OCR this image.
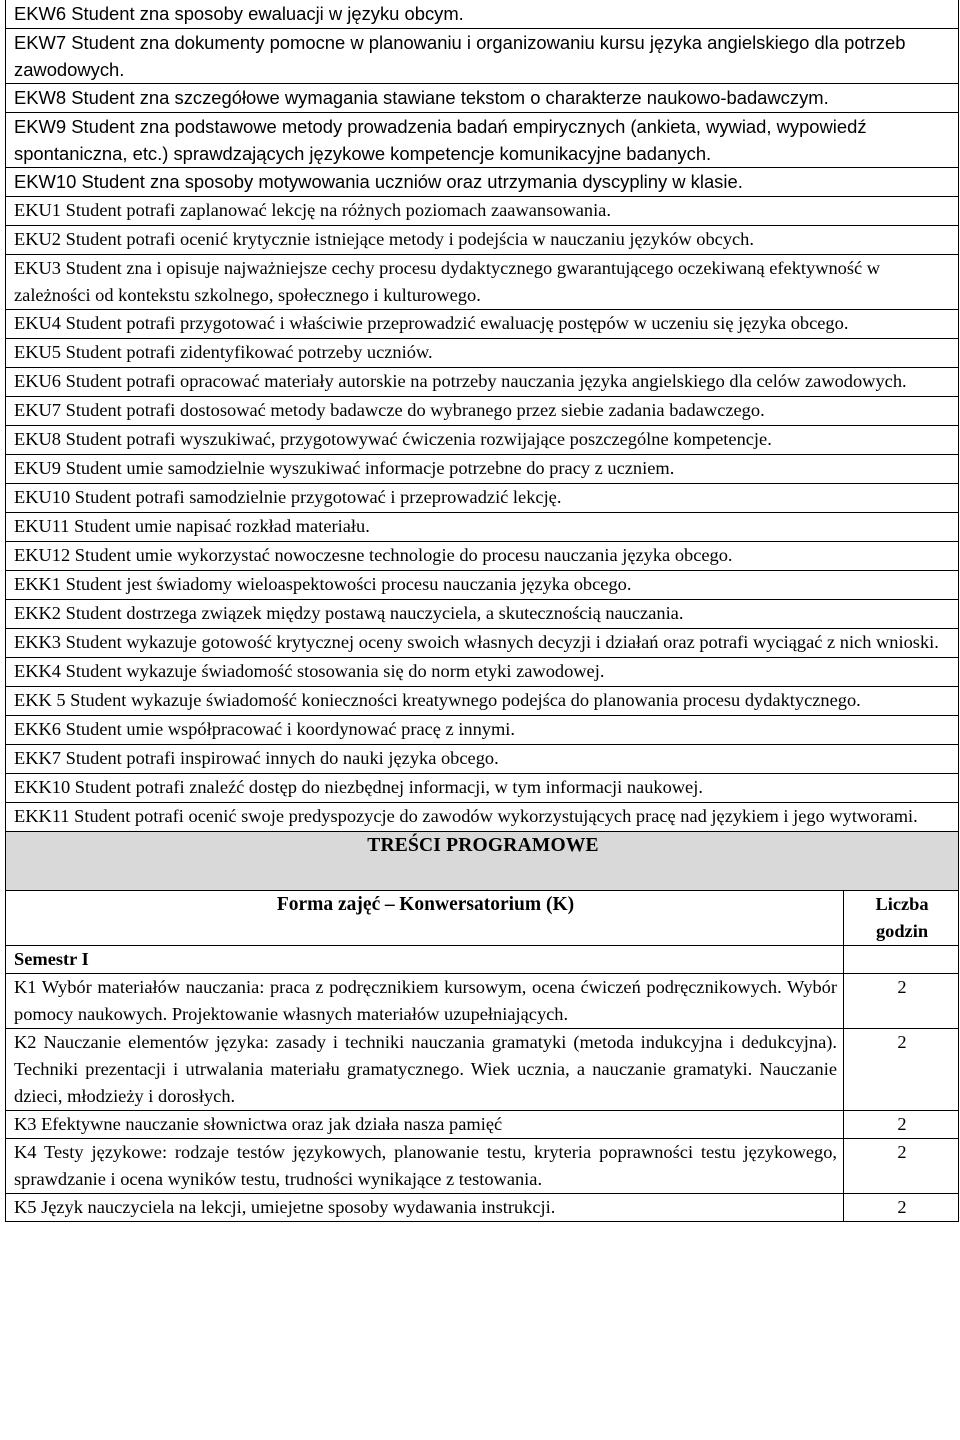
EKW6 Student zna sposoby ewaluacji w języku obcym.	
EKW7 Student zna dokumenty pomocne w planowaniu i organizowaniu kursu języka angielskiego dla potrzeb zawodowych.	
EKW8 Student zna szczegółowe wymagania stawiane tekstom o charakterze naukowo-badawczym.	
EKW9 Student zna podstawowe metody prowadzenia badań empirycznych (ankieta, wywiad, wypowiedź spontaniczna, etc.) sprawdzających językowe kompetencje komunikacyjne badanych.	
EKW10 Student zna sposoby motywowania uczniów oraz utrzymania dyscypliny w klasie.	
EKU1 Student potrafi zaplanować lekcję na różnych poziomach zaawansowania.	
EKU2 Student potrafi ocenić krytycznie istniejące metody i podejścia w nauczaniu języków obcych.	
EKU3 Student zna i opisuje najważniejsze cechy procesu dydaktycznego gwarantującego oczekiwaną efektywność w zależności od kontekstu szkolnego, społecznego i kulturowego.	
EKU4 Student potrafi przygotować i właściwie przeprowadzić ewaluację postępów w uczeniu się języka obcego.	
EKU5 Student potrafi zidentyfikować potrzeby uczniów.	
EKU6 Student potrafi opracować materiały autorskie na potrzeby nauczania języka angielskiego dla celów zawodowych.	
EKU7 Student potrafi dostosować metody badawcze do wybranego przez siebie zadania badawczego.	
EKU8 Student potrafi wyszukiwać, przygotowywać ćwiczenia rozwijające poszczególne kompetencje.	
EKU9 Student umie samodzielnie wyszukiwać informacje potrzebne do pracy z uczniem.	
EKU10 Student potrafi samodzielnie przygotować i przeprowadzić lekcję.	
EKU11 Student umie napisać rozkład materiału.	
EKU12 Student umie wykorzystać nowoczesne technologie do procesu nauczania języka obcego.	
EKK1 Student jest świadomy wieloaspektowości procesu nauczania języka obcego.	
EKK2 Student dostrzega związek między postawą nauczyciela, a skutecznością nauczania.	
EKK3 Student wykazuje gotowość krytycznej oceny swoich własnych decyzji i działań oraz potrafi wyciągać z nich wnioski.	
EKK4 Student wykazuje świadomość stosowania się do norm etyki zawodowej.	
EKK 5 Student wykazuje świadomość konieczności kreatywnego podejśca do planowania procesu dydaktycznego.	
EKK6 Student umie współpracować i koordynować pracę z innymi.	
EKK7 Student potrafi inspirować innych do nauki języka obcego.	
EKK10 Student potrafi znaleźć dostęp do niezbędnej informacji, w tym informacji naukowej.	
EKK11 Student potrafi ocenić swoje predyspozycje do zawodów wykorzystujących pracę nad językiem i jego wytworami.	
TREŚCI PROGRAMOWE	
Forma zajęć – Konwersatorium (K)	Liczba godzin
Semestr I	
K1 Wybór materiałów nauczania: praca z podręcznikiem kursowym, ocena ćwiczeń podręcznikowych. Wybór pomocy naukowych. Projektowanie własnych materiałów uzupełniających.	2
K2 Nauczanie elementów języka: zasady i techniki nauczania gramatyki (metoda indukcyjna i dedukcyjna). Techniki prezentacji i utrwalania materiału gramatycznego. Wiek ucznia, a nauczanie gramatyki. Nauczanie dzieci, młodzieży i dorosłych.	2
K3 Efektywne nauczanie słownictwa oraz jak działa nasza pamięć	2
K4 Testy językowe: rodzaje testów językowych, planowanie testu, kryteria poprawności testu językowego, sprawdzanie i ocena wyników testu, trudności wynikające z testowania.	2
K5 Język nauczyciela na lekcji, umiejetne sposoby wydawania instrukcji.	2
